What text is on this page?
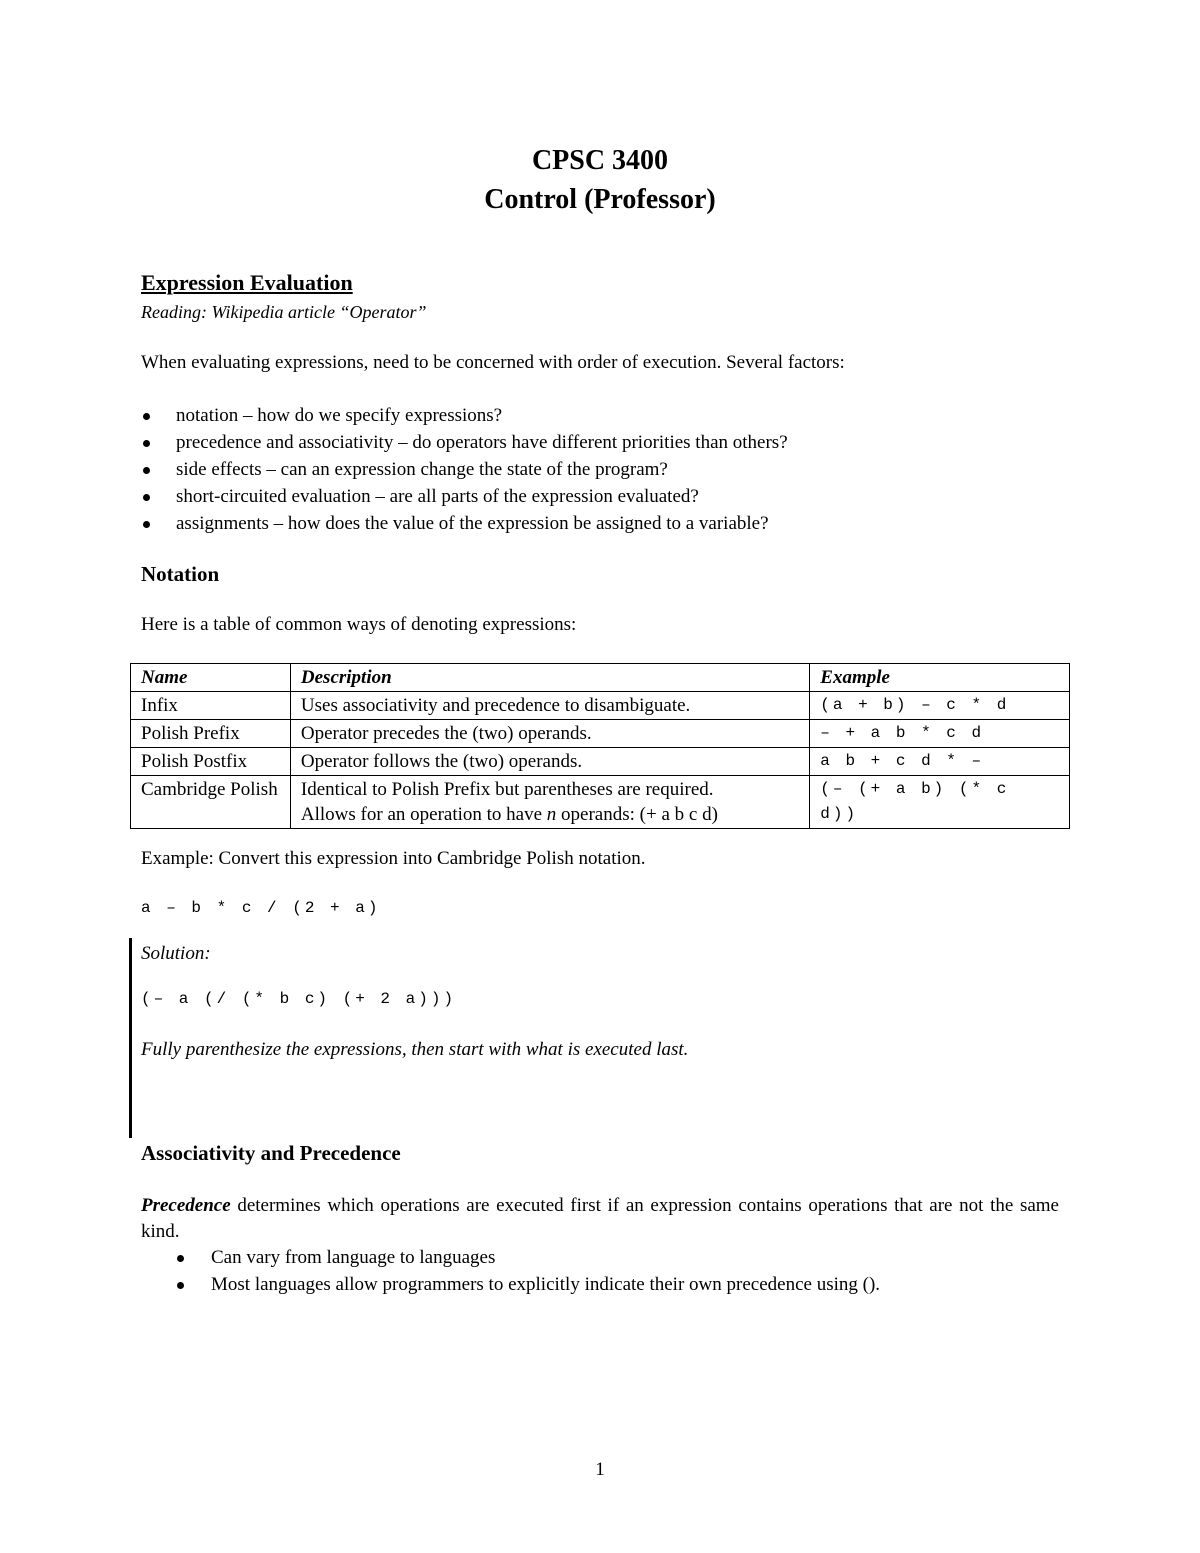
CPSC 3400
Control (Professor)
Expression Evaluation
Reading: Wikipedia article “Operator”
When evaluating expressions, need to be concerned with order of execution. Several factors:
notation – how do we specify expressions?
precedence and associativity – do operators have different priorities than others?
side effects – can an expression change the state of the program?
short-circuited evaluation – are all parts of the expression evaluated?
assignments – how does the value of the expression be assigned to a variable?
Notation
Here is a table of common ways of denoting expressions:
Name	Description	Example
Infix	Uses associativity and precedence to disambiguate.	(a + b) – c * d
Polish Prefix	Operator precedes the (two) operands.	– + a b * c d
Polish Postfix	Operator follows the (two) operands.	a b + c d * –
Cambridge Polish	Identical to Polish Prefix but parentheses are required.
Allows for an operation to have n operands: (+ a b c d)	(– (+ a b) (* c d))
Example: Convert this expression into Cambridge Polish notation.
a – b * c / (2 + a)
Solution:
(– a (/ (* b c) (+ 2 a)))
Fully parenthesize the expressions, then start with what is executed last.
Associativity and Precedence
Precedence determines which operations are executed first if an expression contains operations that are not the same kind.
Can vary from language to languages
Most languages allow programmers to explicitly indicate their own precedence using ().
1
